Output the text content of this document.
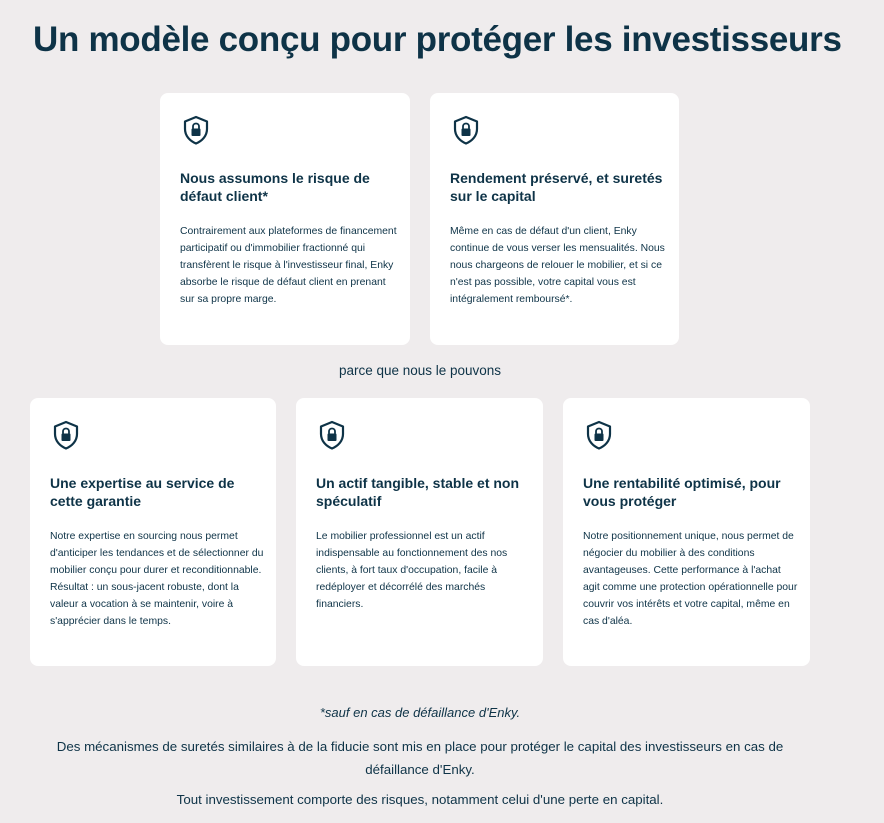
Un modèle conçu pour protéger les investisseurs
Nous assumons le risque de défaut client*
Contrairement aux plateformes de financement participatif ou d'immobilier fractionné qui transfèrent le risque à l'investisseur final, Enky absorbe le risque de défaut client en prenant sur sa propre marge.
Rendement préservé, et suretés sur le capital
Même en cas de défaut d'un client, Enky continue de vous verser les mensualités. Nous nous chargeons de relouer le mobilier, et si ce n'est pas possible, votre capital vous est intégralement remboursé*.
parce que nous le pouvons
Une expertise au service de cette garantie
Notre expertise en sourcing nous permet d'anticiper les tendances et de sélectionner du mobilier conçu pour durer et reconditionnable. Résultat : un sous-jacent robuste, dont la valeur a vocation à se maintenir, voire à s'apprécier dans le temps.
Un actif tangible, stable et non spéculatif
Le mobilier professionnel est un actif indispensable au fonctionnement des nos clients, à fort taux d'occupation, facile à redéployer et décorrélé des marchés financiers.
Une rentabilité optimisé, pour vous protéger
Notre positionnement unique, nous permet de négocier du mobilier à des conditions avantageuses. Cette performance à l'achat agit comme une protection opérationnelle pour couvrir vos intérêts et votre capital, même en cas d'aléa.

*sauf en cas de défaillance d'Enky.

Des mécanismes de suretés similaires à de la fiducie sont mis en place pour protéger le capital des investisseurs en cas de défaillance d'Enky.

Tout investissement comporte des risques, notamment celui d'une perte en capital.
